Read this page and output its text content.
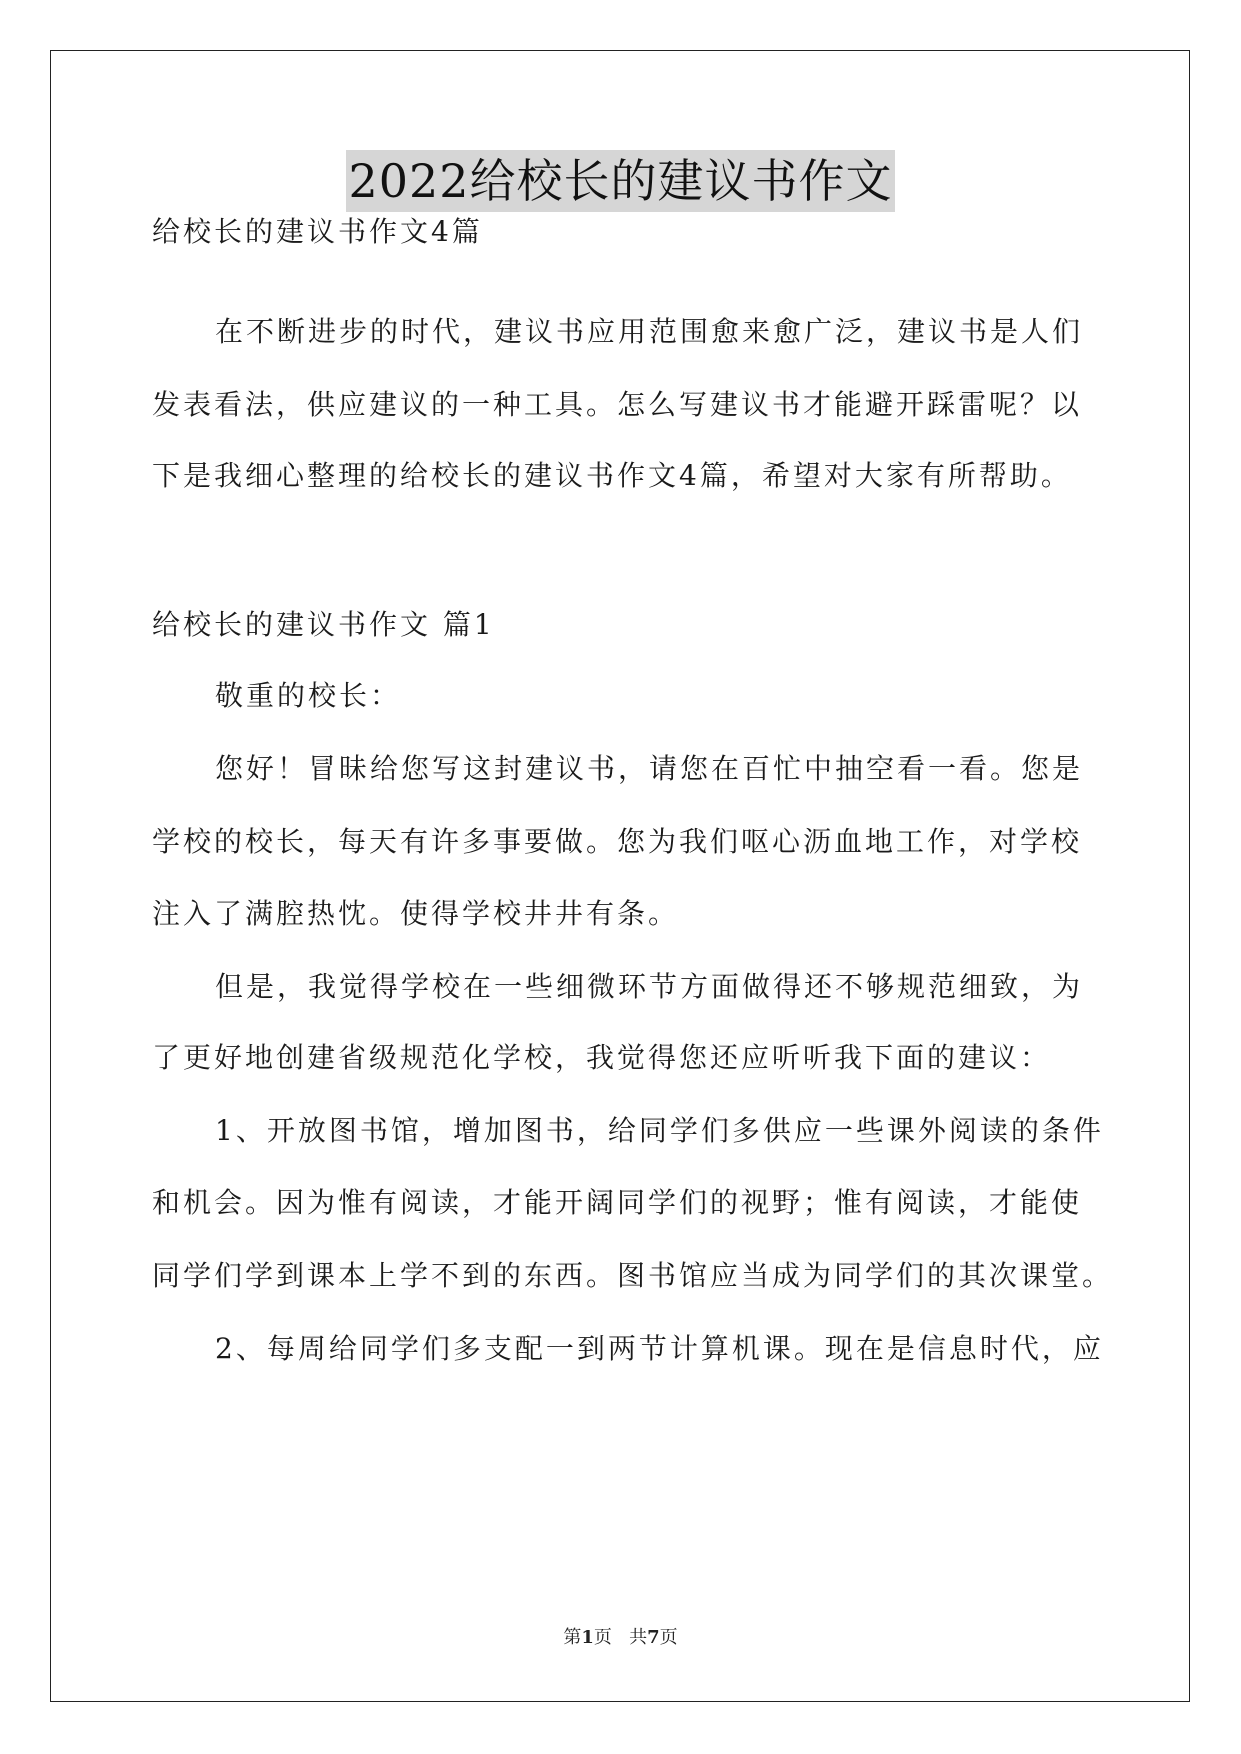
2022给校长的建议书作文
给校长的建议书作文4篇
在不断进步的时代，建议书应用范围愈来愈广泛，建议书是人们
发表看法，供应建议的一种工具。怎么写建议书才能避开踩雷呢？以
下是我细心整理的给校长的建议书作文4篇，希望对大家有所帮助。
给校长的建议书作文 篇1
敬重的校长：
您好！冒昧给您写这封建议书，请您在百忙中抽空看一看。您是
学校的校长，每天有许多事要做。您为我们呕心沥血地工作，对学校
注入了满腔热忱。使得学校井井有条。
但是，我觉得学校在一些细微环节方面做得还不够规范细致，为
了更好地创建省级规范化学校，我觉得您还应听听我下面的建议：
1、开放图书馆，增加图书，给同学们多供应一些课外阅读的条件
和机会。因为惟有阅读，才能开阔同学们的视野；惟有阅读，才能使
同学们学到课本上学不到的东西。图书馆应当成为同学们的其次课堂。
2、每周给同学们多支配一到两节计算机课。现在是信息时代，应
第1页   共7页
